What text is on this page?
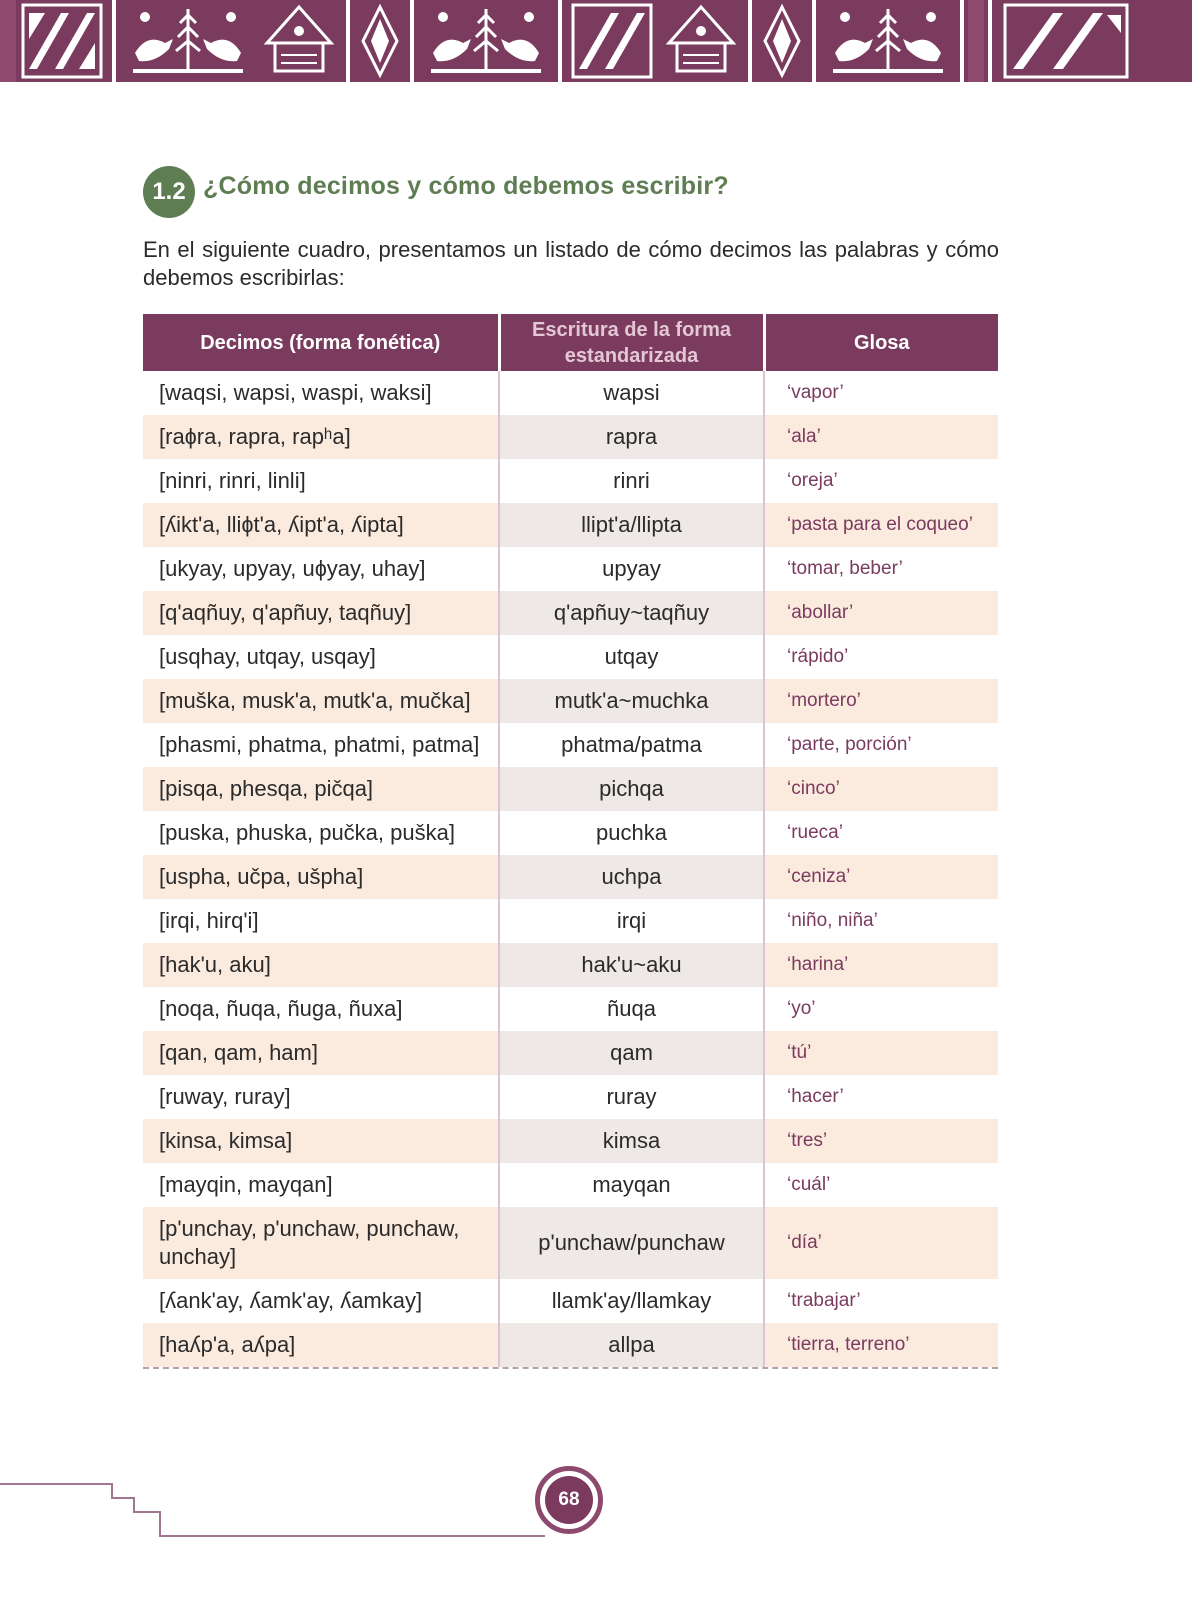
1.2 ¿Cómo decimos y cómo debemos escribir?

En el siguiente cuadro, presentamos un listado de cómo decimos las palabras y cómo debemos escribirlas:

Decimos (forma fonética)	Escritura de la forma estandarizada	Glosa
[waqsi, wapsi, waspi, waksi]	wapsi	‘vapor’
[raɸra, rapra, rapʰa]	rapra	‘ala’
[ninri, rinri, linli]	rinri	‘oreja’
[ʎikt'a, lliɸt'a, ʎipt'a, ʎipta]	llipt'a/llipta	‘pasta para el coqueo’
[ukyay, upyay, uɸyay, uhay]	upyay	‘tomar, beber’
[q'aqñuy, q'apñuy, taqñuy]	q'apñuy~taqñuy	‘abollar’
[usqhay, utqay, usqay]	utqay	‘rápido’
[muška, musk'a, mutk'a, mučka]	mutk'a~muchka	‘mortero’
[phasmi, phatma, phatmi, patma]	phatma/patma	‘parte, porción’
[pisqa, phesqa, pičqa]	pichqa	‘cinco’
[puska, phuska, pučka, puška]	puchka	‘rueca’
[uspha, učpa, ušpha]	uchpa	‘ceniza’
[irqi, hirq'i]	irqi	‘niño, niña’
[hak'u, aku]	hak'u~aku	‘harina’
[noqa, ñuqa, ñuga, ñuxa]	ñuqa	‘yo’
[qan, qam, ham]	qam	‘tú’
[ruway, ruray]	ruray	‘hacer’
[kinsa, kimsa]	kimsa	‘tres’
[mayqin, mayqan]	mayqan	‘cuál’
[p'unchay, p'unchaw, punchaw, unchay]	p'unchaw/punchaw	‘día’
[ʎank'ay, ʎamk'ay, ʎamkay]	llamk'ay/llamkay	‘trabajar’
[haʎp'a, aʎpa]	allpa	‘tierra, terreno’
68
